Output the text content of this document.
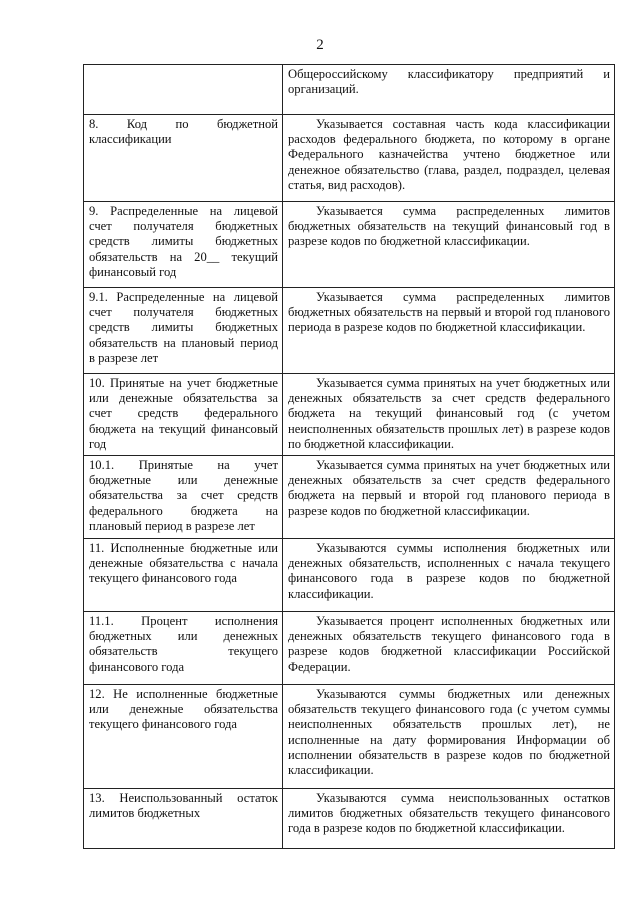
2

	Общероссийскому классификатору предприятий и организаций.

8. Код по бюджетной классификации	Указывается составная часть кода классификации расходов федерального бюджета, по которому в органе Федерального казначейства учтено бюджетное или денежное обязательство (глава, раздел, подраздел, целевая статья, вид расходов).

9. Распределенные на лицевой счет получателя бюджетных средств лимиты бюджетных обязательств на 20__ текущий финансовый год	Указывается сумма распределенных лимитов бюджетных обязательств на текущий финансовый год в разрезе кодов по бюджетной классификации.

9.1. Распределенные на лицевой счет получателя бюджетных средств лимиты бюджетных обязательств на плановый период в разрезе лет	Указывается сумма распределенных лимитов бюджетных обязательств на первый и второй год планового периода в разрезе кодов по бюджетной классификации.

10. Принятые на учет бюджетные или денежные обязательства за счет средств федерального бюджета на текущий финансовый год	Указывается сумма принятых на учет бюджетных или денежных обязательств за счет средств федерального бюджета на текущий финансовый год (с учетом неисполненных обязательств прошлых лет) в разрезе кодов по бюджетной классификации.

10.1. Принятые на учет бюджетные или денежные обязательства за счет средств федерального бюджета на плановый период в разрезе лет	Указывается сумма принятых на учет бюджетных или денежных обязательств за счет средств федерального бюджета на первый и второй год планового периода в разрезе кодов по бюджетной классификации.

11. Исполненные бюджетные или денежные обязательства с начала текущего финансового года	Указываются суммы исполнения бюджетных или денежных обязательств, исполненных с начала текущего финансового года в разрезе кодов по бюджетной классификации.

11.1. Процент исполнения бюджетных или денежных обязательств текущего финансового года	Указывается процент исполненных бюджетных или денежных обязательств текущего финансового года в разрезе кодов бюджетной классификации Российской Федерации.

12. Не исполненные бюджетные или денежные обязательства текущего финансового года	Указываются суммы бюджетных или денежных обязательств текущего финансового года (с учетом суммы неисполненных обязательств прошлых лет), не исполненные на дату формирования Информации об исполнении обязательств в разрезе кодов по бюджетной классификации.

13. Неиспользованный остаток лимитов бюджетных	Указываются сумма неиспользованных остатков лимитов бюджетных обязательств текущего финансового года в разрезе кодов по бюджетной классификации.
